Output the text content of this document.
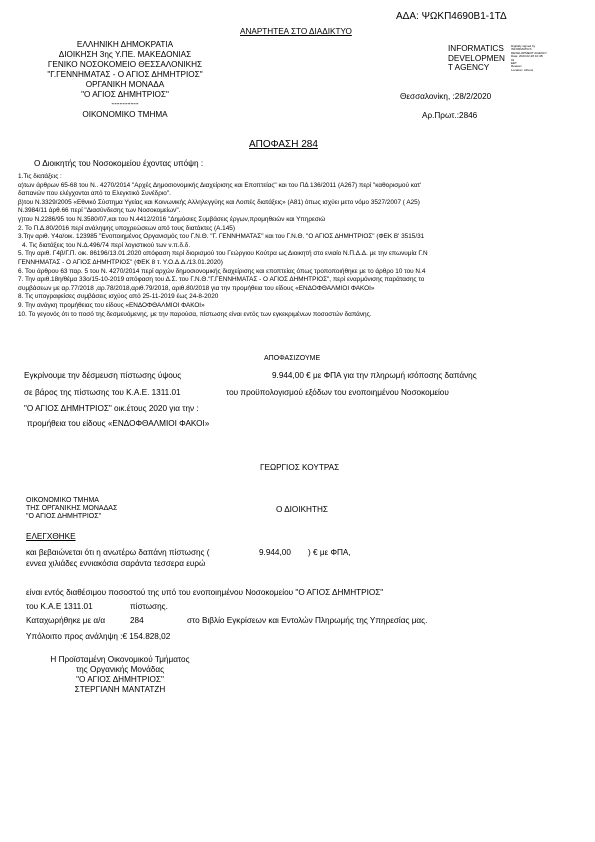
ΑΔΑ: ΨΩΚΠ4690Β1-1ΤΔ
ΑΝΑΡΤΗΤΕΑ ΣΤΟ ΔΙΑΔΙΚΤΥΟ
ΕΛΛΗΝΙΚΗ ΔΗΜΟΚΡΑΤΙΑ
ΔΙΟΙΚΗΣΗ 3ης Υ.ΠΕ. ΜΑΚΕΔΟΝΙΑΣ
ΓΕΝΙΚΟ ΝΟΣΟΚΟΜΕΙΟ ΘΕΣΣΑΛΟΝΙΚΗΣ
"Γ.ΓΕΝΝΗΜΑΤΑΣ - Ο ΑΓΙΟΣ ΔΗΜΗΤΡΙΟΣ"
ΟΡΓΑΝΙΚΗ ΜΟΝΑΔΑ
"Ο ΑΓΙΟΣ ΔΗΜΗΤΡΙΟΣ"
----------
ΟΙΚΟΝΟΜΙΚΟ ΤΜΗΜΑ
INFORMATICS
DEVELOPMEN
T AGENCY
Digitally signed by
INFORMATICS
DEVELOPMENT AGENCY
Date: 2020.02.28 10:48:
01
EET
Reason:
Location: Athens
Θεσσαλονίκη, :28/2/2020
Αρ.Πρωτ.:2846
ΑΠΟΦΑΣΗ 284
Ο Διοικητής του Νοσοκομείου έχοντας υπόψη :
1.Τις διατάξεις :
α)των άρθρων 65-68 του Ν.. 4270/2014 "Αρχές Δημοσιονομικής Διαχείρισης και Εποπτείας" και του ΠΔ 136/2011 (Α267) περί "καθορισμού κατ'
δαπανών που ελέγχονται από το Ελεγκτικό Συνέδριο".
β)του Ν.3329/2005 «Εθνικό Σύστημα Υγείας και Κοινωνικής Αλληλεγγύης και Λοιπές διατάξεις» (Α81) όπως ισχύει μετο νόμο 3527/2007 ( Α25)
Ν.3984/11 άρθ.66 περί "Διασύνδεσης των Νοσοκομείων".
γ)του Ν.2286/95 του Ν.3580/07,και του Ν.4412/2016 "Δημόσιες Συμβάσεις έργων,προμηθειών και Υπηρεσιώ
2. Το Π.Δ.80/2016 περί ανάληψης υποχρεώσεων από τους διατάκτες (Α.145)
3.Την αριθ. Υ4α/οικ. 123985 "Ενοποιημένος Οργανισμός του Γ.Ν.Θ. "Γ. ΓΕΝΝΗΜΑΤΑΣ" και του Γ.Ν.Θ. "Ο ΑΓΙΟΣ ΔΗΜΗΤΡΙΟΣ" (ΦΕΚ Β' 3515/31
4. Τις διατάξεις του Ν.Δ.496/74 περί λογιστικού των ν.π.δ.δ.
5. Την αριθ. Γ4β/Γ.Π. οικ. 86196/13.01.2020 απόφαση περί διορισμού του Γεώργιου Κούτρα ως Διοικητή στο ενιαίο Ν.Π.Δ.Δ. με την επωνυμία Γ.Ν
ΓΕΝΝΗΜΑΤΑΣ - Ο ΑΓΙΟΣ ΔΗΜΗΤΡΙΟΣ" (ΦΕΚ 8 τ. Υ.Ο.Δ.Δ./13.01.2020)
6. Του άρθρου 63 παρ. 5 του Ν. 4270/2014 περί αρχών δημοσιονομικής διαχείρισης και εποπτείας όπως τροποποιήθηκε με το άρθρο 10 του Ν.4
7. Την αριθ.18η/θέμα 33ο/15-10-2019 απόφαση του Δ.Σ. του Γ.Ν.Θ."Γ.ΓΕΝΝΗΜΑΤΑΣ - Ο ΑΓΙΟΣ ΔΗΜΗΤΡΙΟΣ", περί εναρμόνισης παράτασης το
συμβάσεων με αρ.77/2018 ,αρ.78/2018,αριθ.79/2018, αριθ.80/2018 για την προμήθεια του είδους «ΕΝΔΟΦΘΑΛΜΙΟΙ ΦΑΚΟΙ»
8. Τις υπογραφείσες συμβάσεις ισχύος από 25-11-2019 έως 24-8-2020
9. Την ανάγκη προμήθειας του είδους «ΕΝΔΟΦΘΑΛΜΙΟΙ ΦΑΚΟΙ»
10. Το γεγονός ότι το ποσό της δεσμευόμενης, με την παρούσα, πίστωσης είναι εντός των εγκεκριμένων ποσοστών δαπάνης.
ΑΠΟΦΑΣΙΖΟΥΜΕ
Εγκρίνουμε την δέσμευση πίστωσης ύψους	9.944,00 € με ΦΠΑ για την πληρωμή ισόποσης δαπάνης
σε βάρος της πίστωσης του Κ.Α.Ε. 1311.01	του προϋπολογισμού εξόδων του ενοποιημένου Νοσοκομείου
"Ο ΑΓΙΟΣ ΔΗΜΗΤΡΙΟΣ" οικ.έτους 2020 για την :
προμήθεια του είδους «ΕΝΔΟΦΘΑΛΜΙΟΙ ΦΑΚΟΙ»
ΓΕΩΡΓΙΟΣ ΚΟΥΤΡΑΣ
ΟΙΚΟΝΟΜΙΚΟ ΤΜΗΜΑ
ΤΗΣ ΟΡΓΑΝΙΚΗΣ ΜΟΝΑΔΑΣ
"Ο ΑΓΙΟΣ ΔΗΜΗΤΡΙΟΣ"
Ο ΔΙΟΙΚΗΤΗΣ
ΕΛΕΓΧΘΗΚΕ
και βεβαιώνεται ότι η ανωτέρω δαπάνη πίστωσης (	9.944,00 ) € με ΦΠΑ,
εννεα χιλιάδες εννιακόσια σαράντα τεσσερα ευρώ
είναι εντός διαθέσιμου ποσοστού της υπό του ενοποιημένου Νοσοκομείου "Ο ΑΓΙΟΣ ΔΗΜΗΤΡΙΟΣ"
του Κ.Α.Ε 1311.01	πίστωσης.
Καταχωρήθηκε με α/α	284	στο Βιβλίο Εγκρίσεων και Εντολών Πληρωμής της Υπηρεσίας μας.
Υπόλοιπο προς ανάληψη :€ 154.828,02
Η Προϊσταμένη Οικονομικού Τμήματος
της Οργανικής Μονάδας
"Ο ΑΓΙΟΣ ΔΗΜΗΤΡΙΟΣ"
ΣΤΕΡΓΙΑΝΗ ΜΑΝΤΑΤΖΗ
